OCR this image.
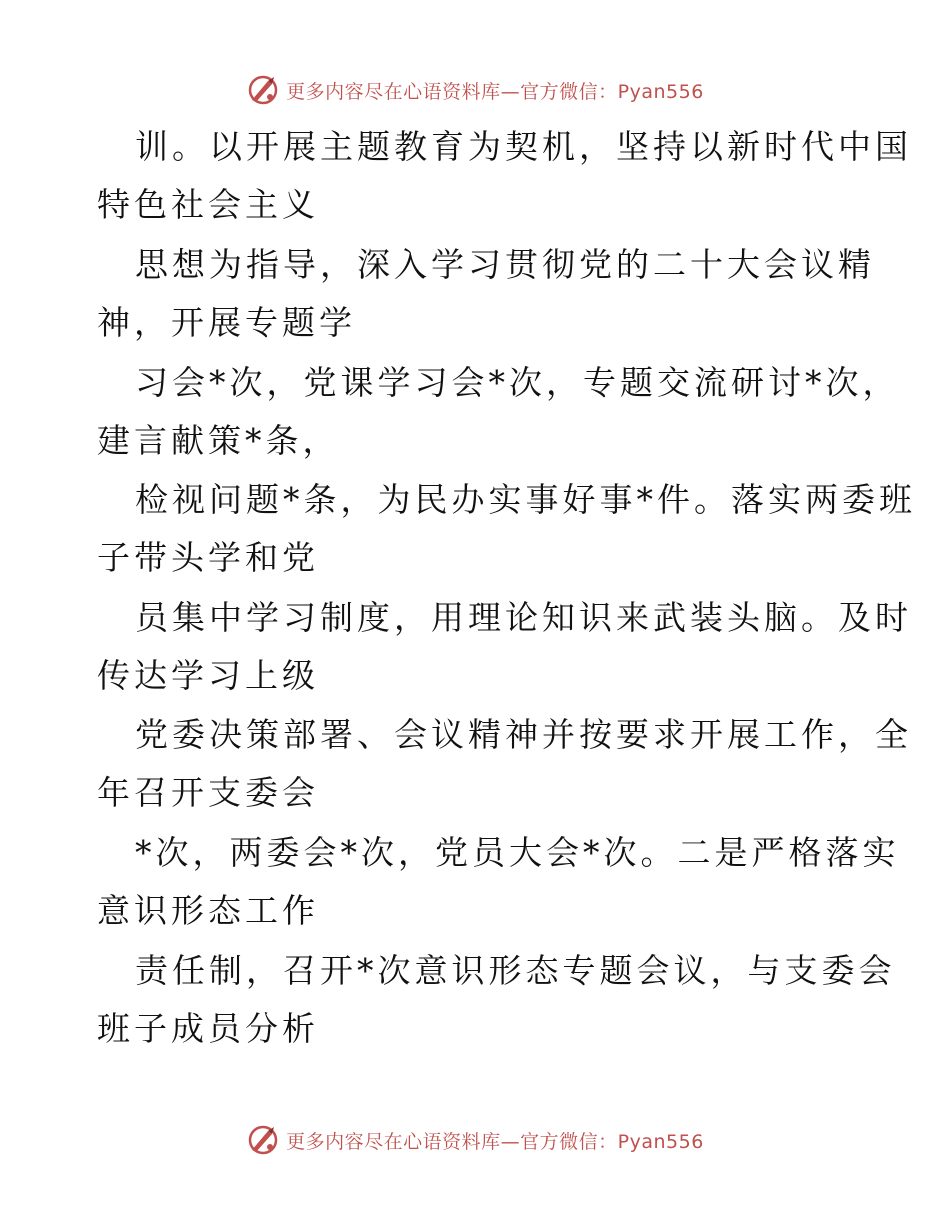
更多内容尽在心语资料库—官方微信：Pyan556
训。以开展主题教育为契机，坚持以新时代中国
特色社会主义
思想为指导，深入学习贯彻党的二十大会议精
神，开展专题学
习会*次，党课学习会*次，专题交流研讨*次，
建言献策*条，
检视问题*条，为民办实事好事*件。落实两委班
子带头学和党
员集中学习制度，用理论知识来武装头脑。及时
传达学习上级
党委决策部署、会议精神并按要求开展工作，全
年召开支委会
*次，两委会*次，党员大会*次。二是严格落实
意识形态工作
责任制，召开*次意识形态专题会议，与支委会
班子成员分析
更多内容尽在心语资料库—官方微信：Pyan556
